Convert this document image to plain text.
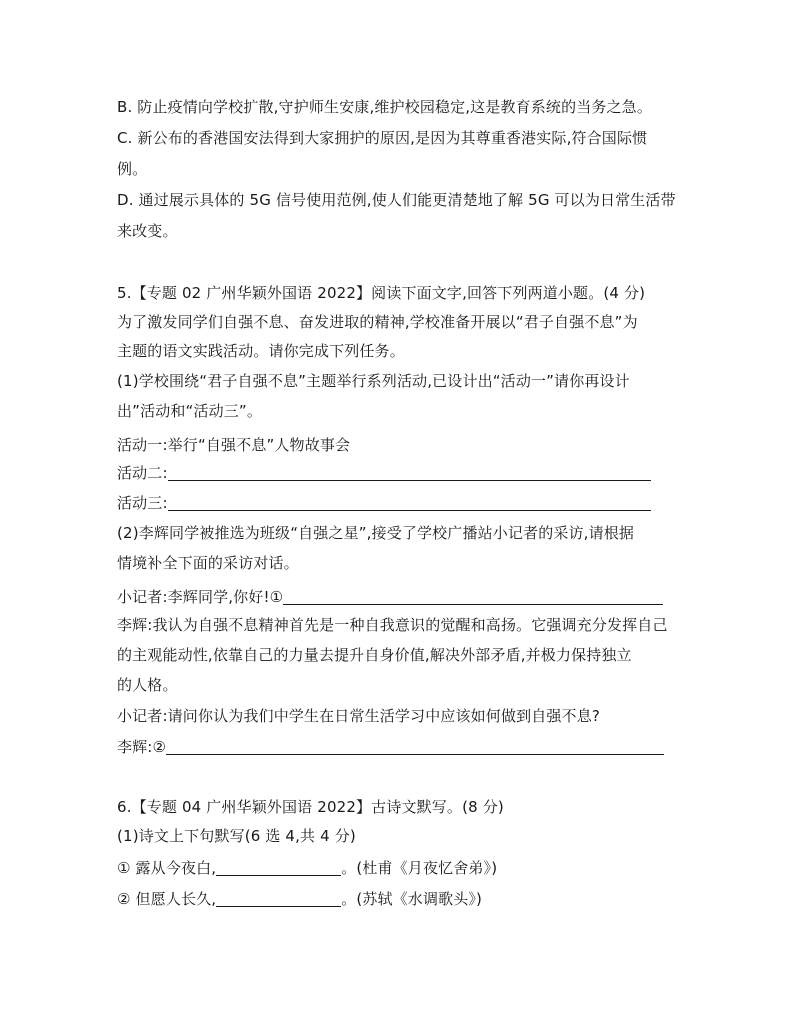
B. 防止疫情向学校扩散,守护师生安康,维护校园稳定,这是教育系统的当务之急。
C. 新公布的香港国安法得到大家拥护的原因,是因为其尊重香港实际,符合国际惯
例。
D. 通过展示具体的 5G 信号使用范例,使人们能更清楚地了解 5G 可以为日常生活带
来改变。
5.【专题 02 广州华颖外国语 2022】阅读下面文字,回答下列两道小题。(4 分)
为了激发同学们自强不息、奋发进取的精神,学校准备开展以“君子自强不息”为
主题的语文实践活动。请你完成下列任务。
(1)学校围绕“君子自强不息”主题举行系列活动,已设计出“活动一”请你再设计
出”活动和“活动三”。
活动一:举行“自强不息”人物故事会
活动二:
活动三:
(2)李辉同学被推选为班级“自强之星”,接受了学校广播站小记者的采访,请根据
情境补全下面的采访对话。
小记者:李辉同学,你好!①
李辉:我认为自强不息精神首先是一种自我意识的觉醒和高扬。它强调充分发挥自己
的主观能动性,依靠自己的力量去提升自身价值,解决外部矛盾,并极力保持独立
的人格。
小记者:请问你认为我们中学生在日常生活学习中应该如何做到自强不息?
李辉:②
6.【专题 04 广州华颖外国语 2022】古诗文默写。(8 分)
(1)诗文上下句默写(6 选 4,共 4 分)
① 露从今夜白,	。(杜甫《月夜忆舍弟》)
② 但愿人长久,	。(苏轼《水调歌头》)
